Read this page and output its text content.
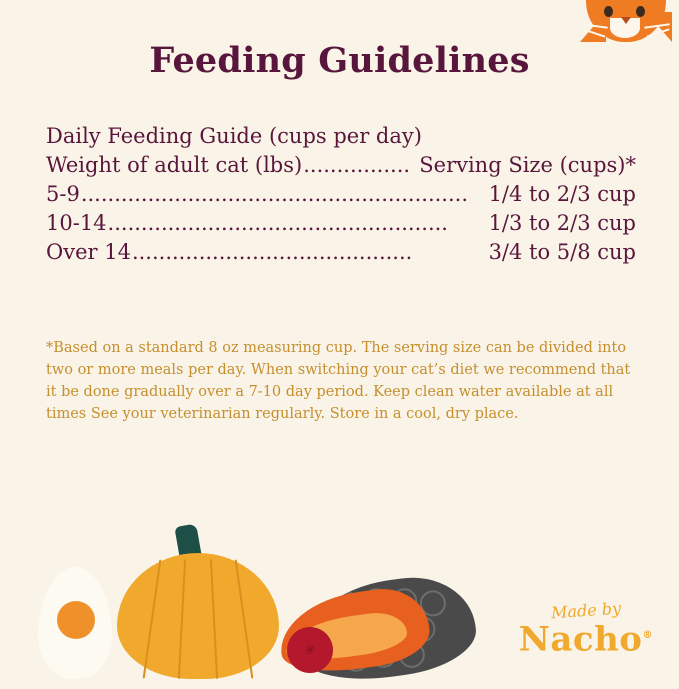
Feeding Guidelines
Daily Feeding Guide (cups per day)
Weight of adult cat (lbs) ................ Serving Size (cups)*
5-9 .......................................................... 1/4 to 2/3 cup
10-14 ...................................................	1/3 to 2/3 cup
Over 14 ..........................................	3/4 to 5/8 cup
*Based on a standard 8 oz measuring cup. The serving size can be divided into two or more meals per day. When switching your cat’s diet we recommend that it be done gradually over a 7-10 day period. Keep clean water available at all times See your veterinarian regularly. Store in a cool, dry place.
✳
Made by
Nacho®
